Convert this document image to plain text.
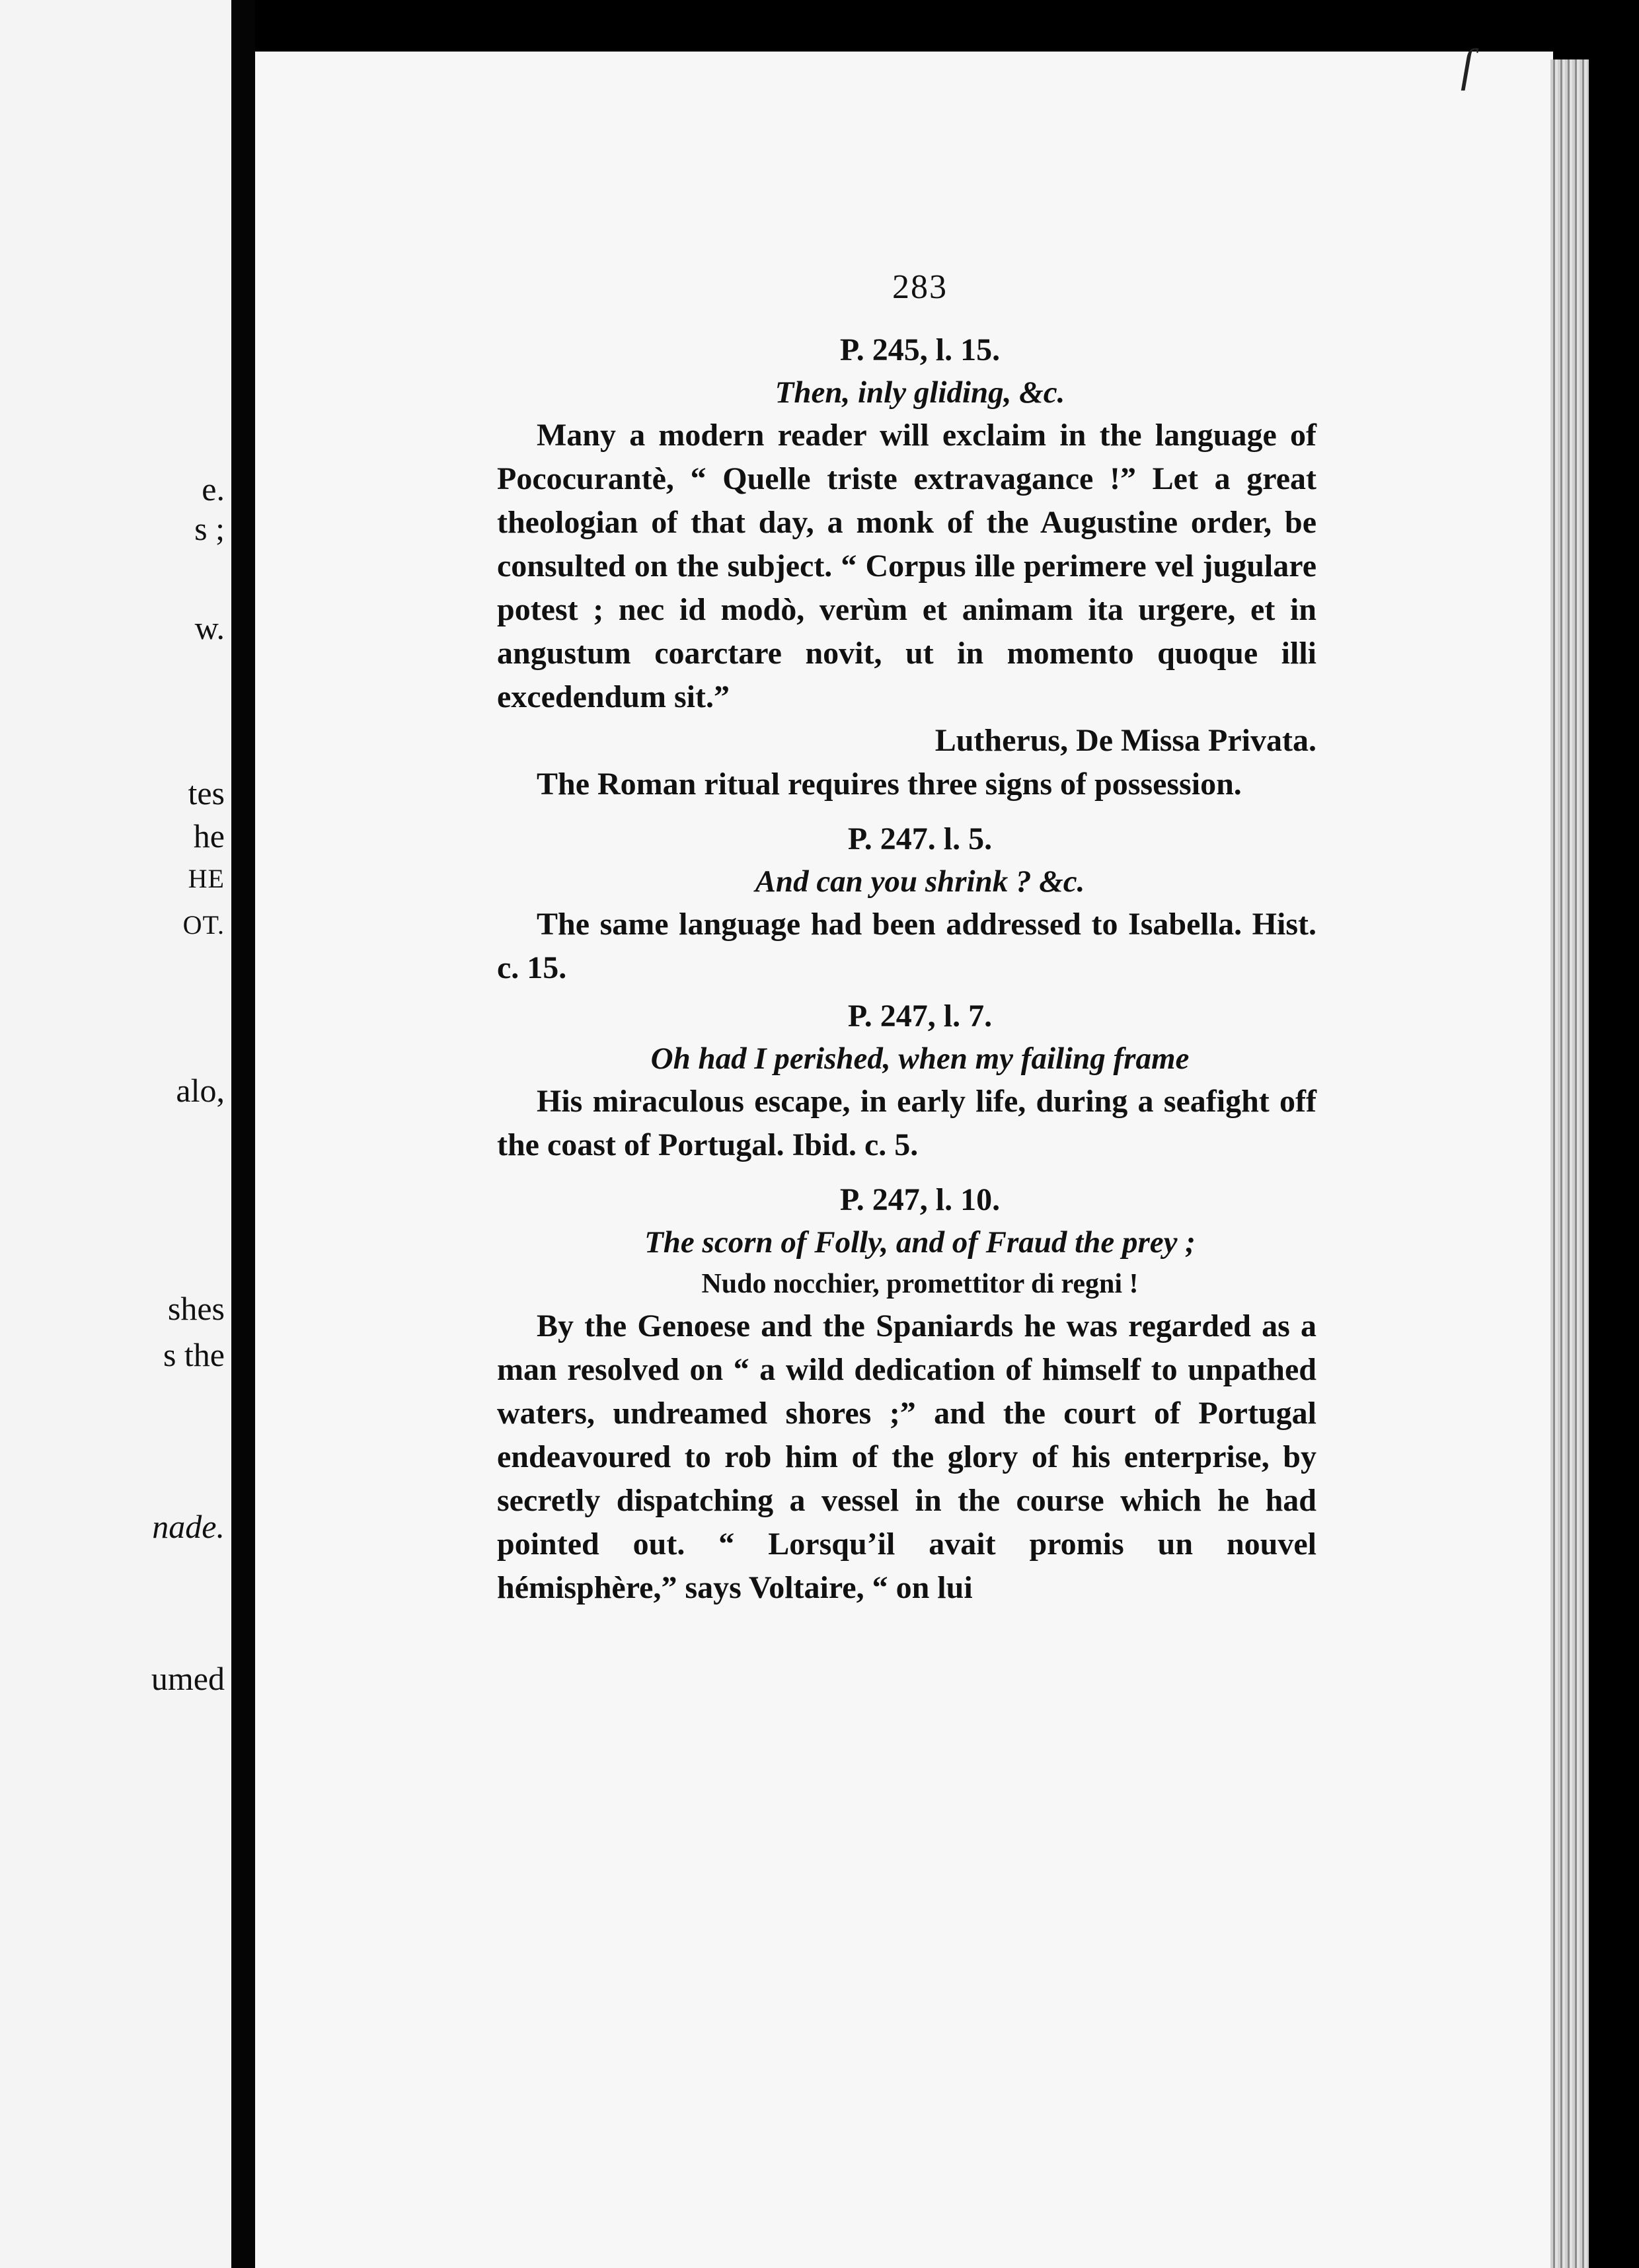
e.
s ;
w.
tes
he
HE
OT.
alo,
shes
s the
nade.
umed
ſ
283
P. 245, l. 15.
Then, inly gliding, &c.

Many a modern reader will exclaim in the language of Pococurantè, “ Quelle triste extravagance !” Let a great theologian of that day, a monk of the Augustine order, be consulted on the subject. “ Corpus ille perimere vel jugulare potest ; nec id modò, verùm et animam ita urgere, et in angustum coarctare novit, ut in momento quoque illi excedendum sit.”

Lutherus, De Missa Privata.

The Roman ritual requires three signs of possession.

P. 247. l. 5.
And can you shrink ? &c.

The same language had been addressed to Isabella. Hist. c. 15.

P. 247, l. 7.
Oh had I perished, when my failing frame

His miraculous escape, in early life, during a seafight off the coast of Portugal. Ibid. c. 5.

P. 247, l. 10.
The scorn of Folly, and of Fraud the prey ;
Nudo nocchier, promettitor di regni !

By the Genoese and the Spaniards he was regarded as a man resolved on “ a wild dedication of himself to unpathed waters, undreamed shores ;” and the court of Portugal endeavoured to rob him of the glory of his enterprise, by secretly dispatching a vessel in the course which he had pointed out. “ Lorsqu’il avait promis un nouvel hémisphère,” says Voltaire, “ on lui
